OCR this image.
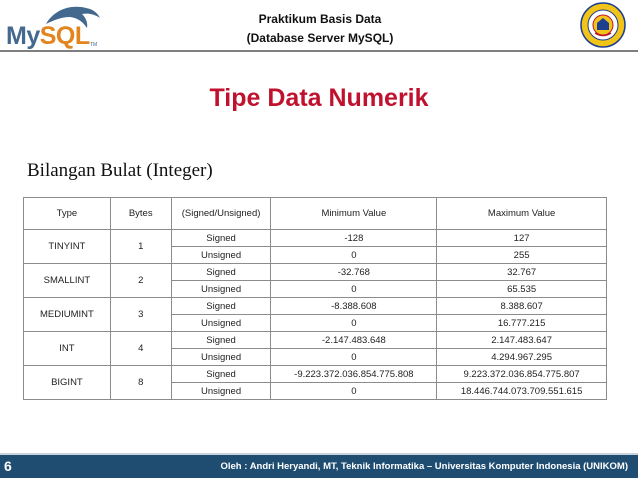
MySQL TM
Praktikum Basis Data
(Database Server MySQL)
Tipe Data Numerik
Bilangan Bulat (Integer)
Type	Bytes	(Signed/Unsigned)	Minimum Value	Maximum Value
TINYINT	1	Signed	-128	127
		Unsigned	0	255
SMALLINT	2	Signed	-32.768	32.767
		Unsigned	0	65.535
MEDIUMINT	3	Signed	-8.388.608	8.388.607
		Unsigned	0	16.777.215
INT	4	Signed	-2.147.483.648	2.147.483.647
		Unsigned	0	4.294.967.295
BIGINT	8	Signed	-9.223.372.036.854.775.808	9.223.372.036.854.775.807
		Unsigned	0	18.446.744.073.709.551.615
6	Oleh : Andri Heryandi, MT, Teknik Informatika – Universitas Komputer Indonesia (UNIKOM)
